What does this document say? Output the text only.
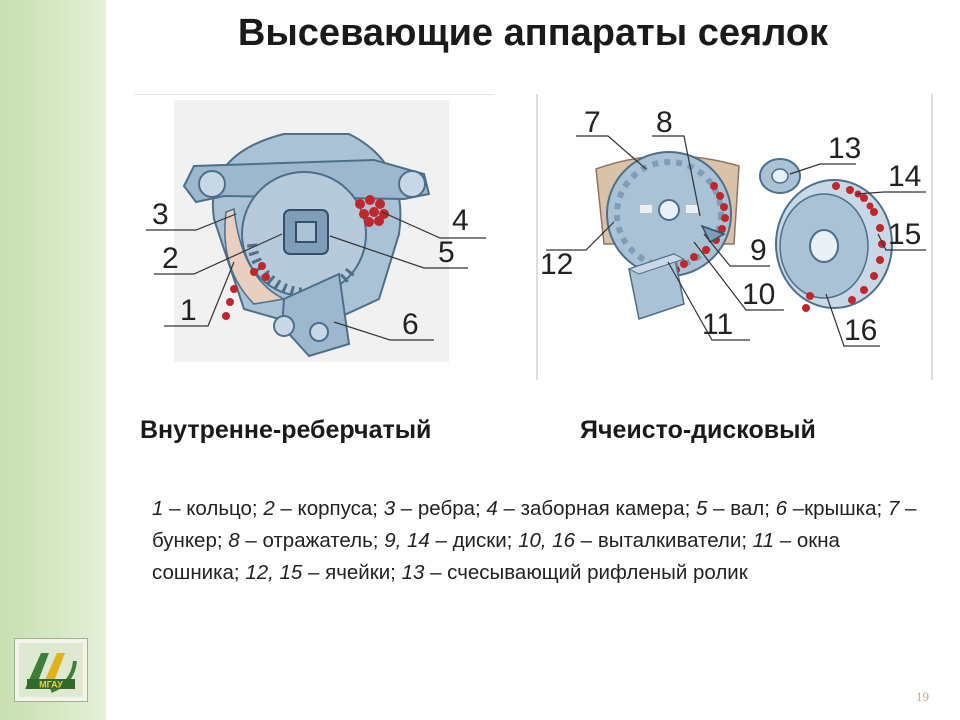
МГАУ
Высевающие аппараты сеялок
3
2
1
4
5
6
7 8
12	9
10
11
13
14
15
16
Внутренне-реберчатый	Ячеисто-дисковый
1 – кольцо; 2 – корпуса; 3 – ребра; 4 – заборная камера; 5 – вал; 6 –крышка; 7 – бункер; 8 – отражатель; 9, 14 – диски; 10, 16 – выталкиватели; 11 – окна сошника; 12, 15 – ячейки; 13 – счесывающий рифленый ролик
19
